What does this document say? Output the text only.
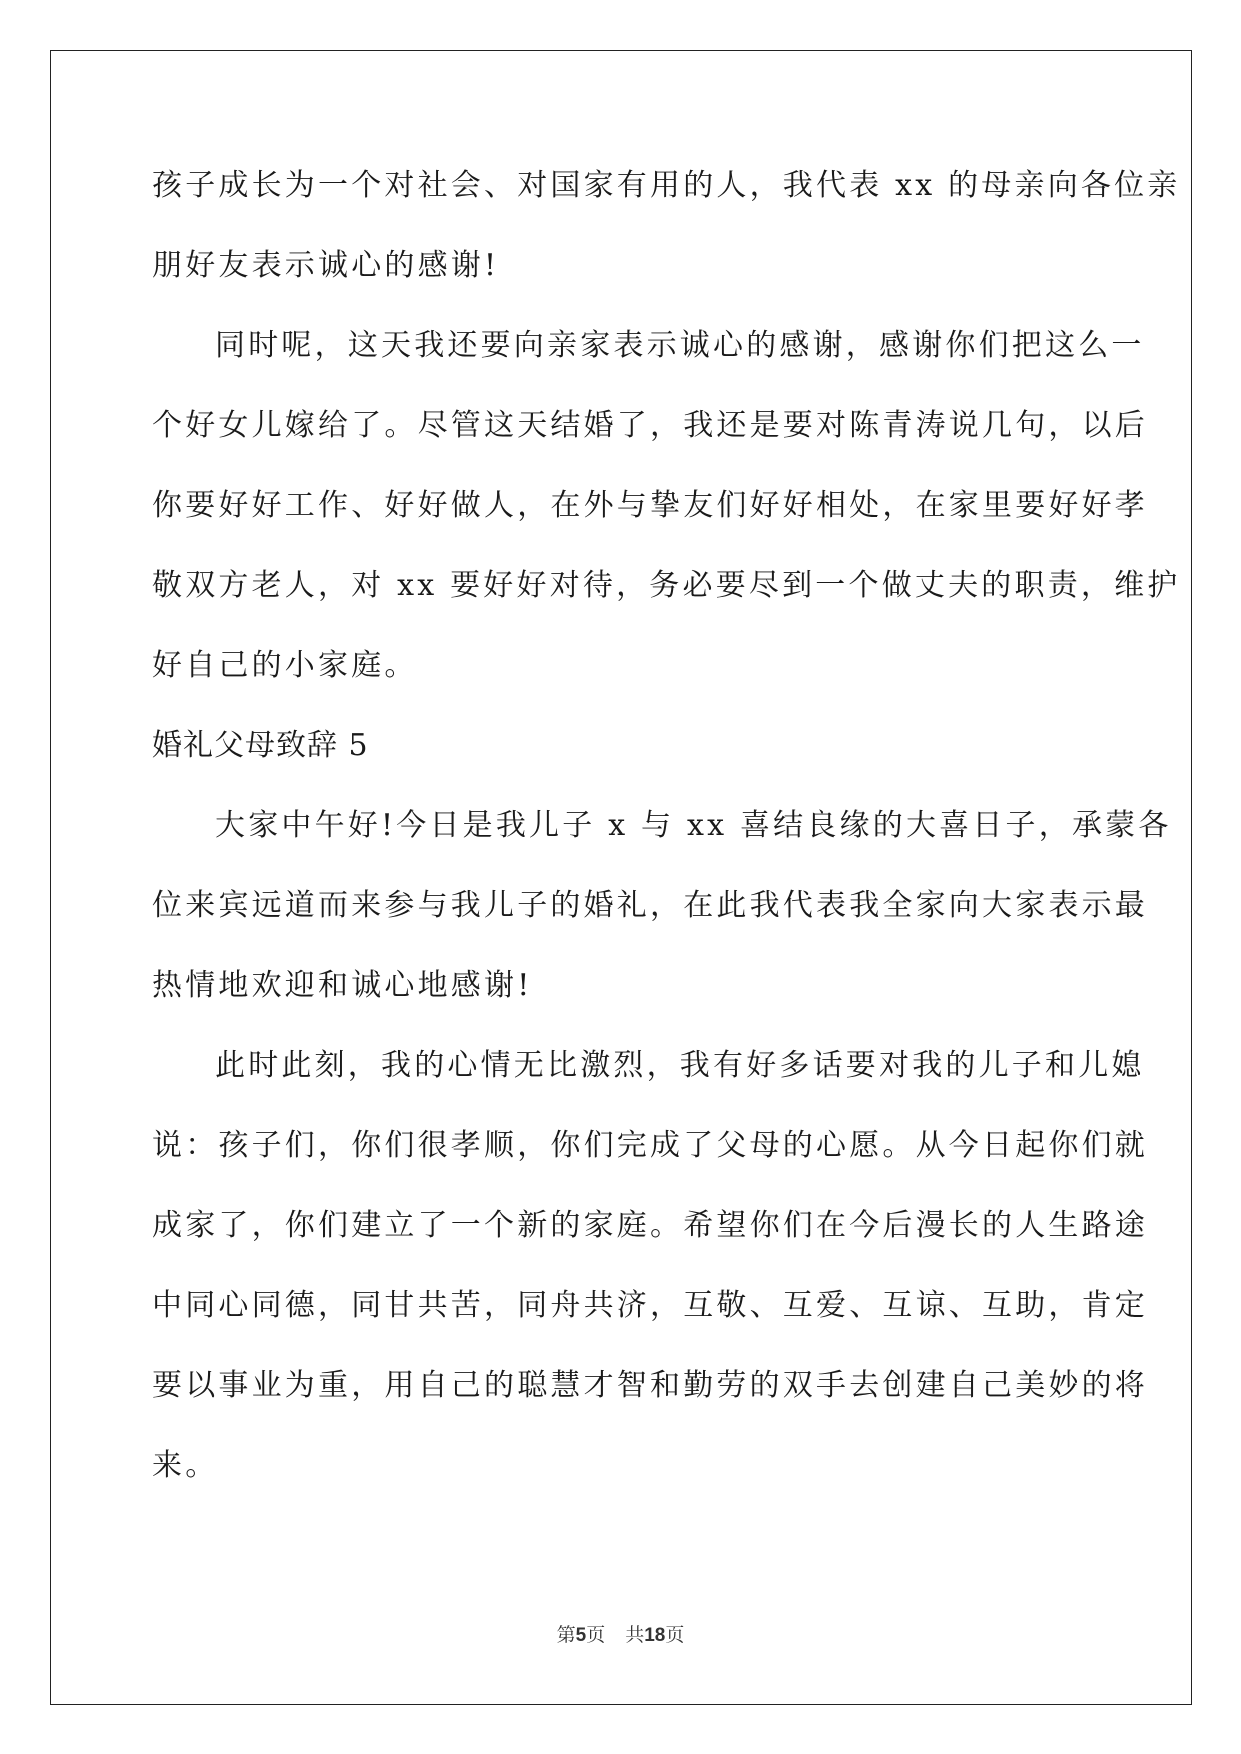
孩子成长为一个对社会、对国家有用的人，我代表 xx 的母亲向各位亲
朋好友表示诚心的感谢!
同时呢，这天我还要向亲家表示诚心的感谢，感谢你们把这么一
个好女儿嫁给了。尽管这天结婚了，我还是要对陈青涛说几句，以后
你要好好工作、好好做人，在外与挚友们好好相处，在家里要好好孝
敬双方老人，对 xx 要好好对待，务必要尽到一个做丈夫的职责，维护
好自己的小家庭。
婚礼父母致辞 5
大家中午好!今日是我儿子 x 与 xx 喜结良缘的大喜日子，承蒙各
位来宾远道而来参与我儿子的婚礼，在此我代表我全家向大家表示最
热情地欢迎和诚心地感谢!
此时此刻，我的心情无比激烈，我有好多话要对我的儿子和儿媳
说：孩子们，你们很孝顺，你们完成了父母的心愿。从今日起你们就
成家了，你们建立了一个新的家庭。希望你们在今后漫长的人生路途
中同心同德，同甘共苦，同舟共济，互敬、互爱、互谅、互助，肯定
要以事业为重，用自己的聪慧才智和勤劳的双手去创建自己美妙的将
来。
第5页 共18页
